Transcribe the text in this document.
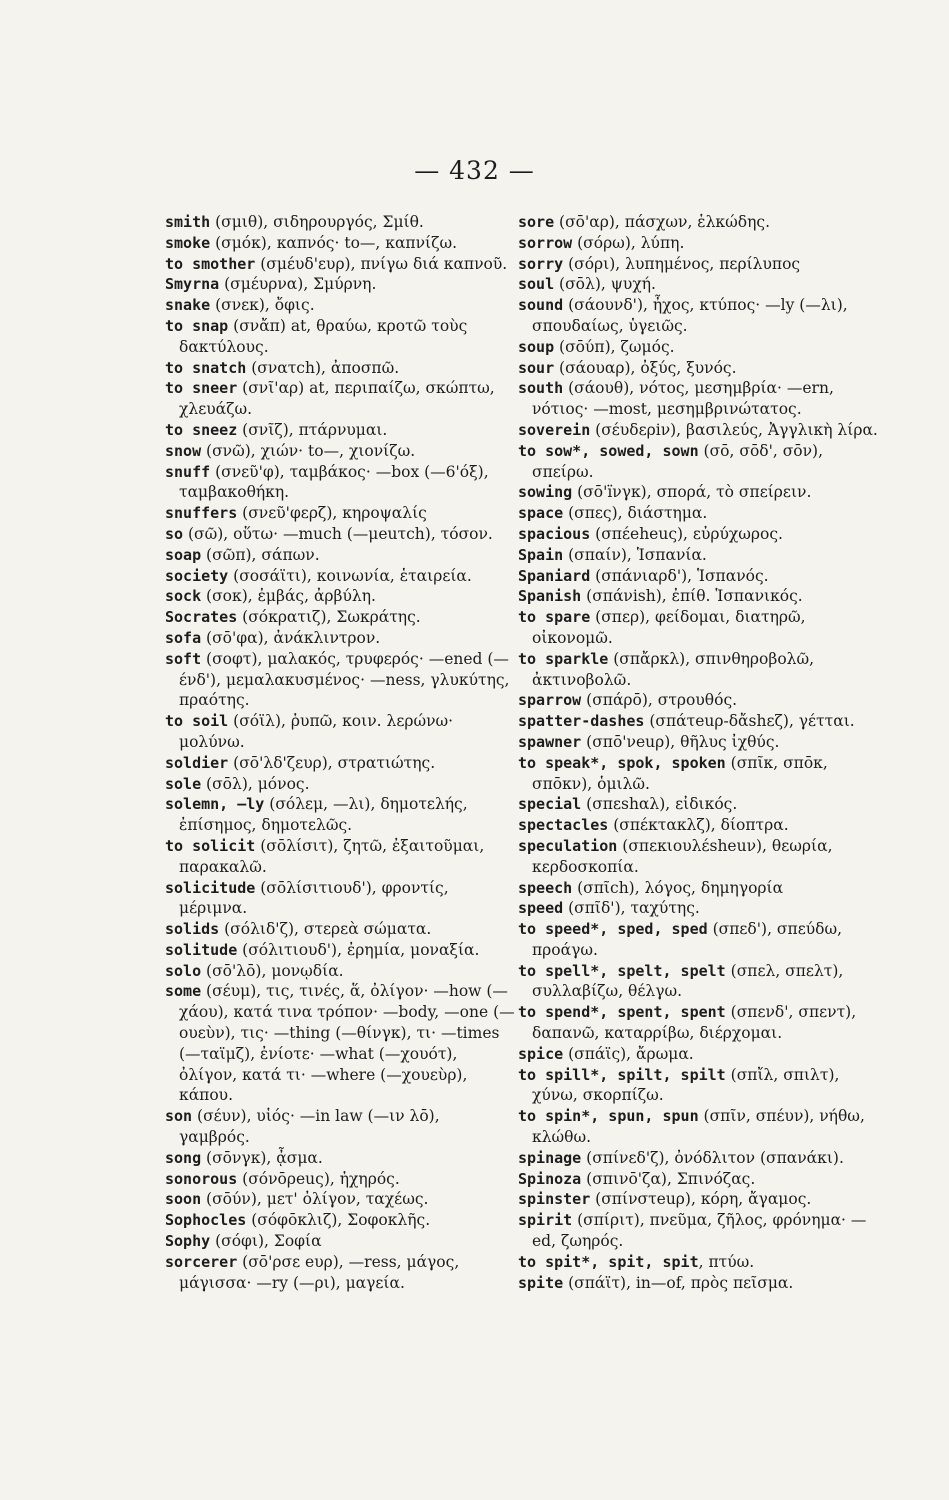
— 432 —

smith (σμιθ), σιδηρουργός, Σμίθ.

smoke (σμόκ), καπνός· to—, καπνίζω.

to smother (σμέυδ'ευρ), πνίγω διά καπνοῦ.

Smyrna (σμέυρνα), Σμύρνη.

snake (σνεκ), ὄφις.

to snap (σνἄπ) at, θραύω, κροτῶ τοὺς δακτύλους.

to snatch (σνατch), ἀποσπῶ.

to sneer (σνῖ'αρ) at, περιπαίζω, σκώπτω, χλευάζω.

to sneez (σνῖζ), πτάρνυμαι.

snow (σνῶ), χιών· to—, χιονίζω.

snuff (σνεῦ'φ), ταμβάκος· —box (—6'όξ), ταμβακοθήκη.

snuffers (σνεῦ'φερζ), κηροψαλίς

so (σῶ), οὕτω· —much (—μeuτch), τόσον.

soap (σῶπ), σάπων.

society (σοσάϊτι), κοινωνία, ἑταιρεία.

sock (σοκ), ἐμβάς, ἀρβύλη.

Socrates (σόκρατιζ), Σωκράτης.

sofa (σō'φα), ἀνάκλιντρον.

soft (σοφτ), μαλακός, τρυφερός· —ened (—ένδ'), μεμαλακυσμένος· —ness, γλυκύτης, πραότης.

to soil (σόϊλ), ῥυπῶ, κοιν. λερώνω· μολύνω.

soldier (σō'λδ'ζευρ), στρατιώτης.

sole (σōλ), μόνος.

solemn, —ly (σόλεμ, —λι), δημοτελής, ἐπίσημος, δημοτελῶς.

to solicit (σōλίσιτ), ζητῶ, ἐξαιτοῦμαι, παρακαλῶ.

solicitude (σōλίσιτιουδ'), φροντίς, μέριμνα.

solids (σόλιδ'ζ), στερεὰ σώματα.

solitude (σόλιτιουδ'), ἐρημία, μοναξία.

solo (σō'λō), μονῳδία.

some (σέυμ), τις, τινές, ἅ, ὀλίγον· —how (—χάου), κατά τινα τρόπον· —body, —one (—ουεὺν), τις· —thing (—θίνγκ), τι· —times (—ταϊμζ), ἐνίοτε· —what (—χουότ), ὀλίγον, κατά τι· —where (—χουεὺρ), κάπου.

son (σέυν), υἱός· —in law (—ιν λō), γαμβρός.

song (σōνγκ), ᾆσμα.

sonorous (σόνōρeuς), ἠχηρός.

soon (σōύν), μετ' ὀλίγον, ταχέως.

Sophocles (σόφōκλιζ), Σοφοκλῆς.

Sophy (σόφι), Σοφία

sorcerer (σō'ρσε eυρ), —ress, μάγος, μάγισσα· —ry (—ρι), μαγεία.

sore (σō'αρ), πάσχων, ἑλκώδης.

sorrow (σόρω), λύπη.

sorry (σόρι), λυπημένος, περίλυπος

soul (σōλ), ψυχή.

sound (σάουνδ'), ἦχος, κτύπος· —ly (—λι), σπουδαίως, ὑγειῶς.

soup (σōύπ), ζωμός.

sour (σάουαρ), ὀξύς, ξυνός.

south (σάουθ), νότος, μεσημβρία· —ern, νότιος· —most, μεσημβρινώτατος.

soverein (σέυδερiν), βασιλεύς, Ἀγγλικὴ λίρα.

to sow*, sowed, sown (σō, σōδ', σōν), σπείρω.

sowing (σō'ïνγκ), σπορά, τὸ σπείρειν.

space (σπες), διάστημα.

spacious (σπέeheuς), εὐρύχωρος.

Spain (σπαίν), Ἱσπανία.

Spaniard (σπάνιαρδ'), Ἱσπανός.

Spanish (σπάνish), ἐπίθ. Ἱσπανικός.

to spare (σπερ), φείδομαι, διατηρῶ, οἰκονομῶ.

to sparkle (σπἄρκλ), σπινθηροβολῶ, ἀκτινοβολῶ.

sparrow (σπάρō), στρουθός.

spatter-dashes (σπάτeuρ-δἄshεζ), γέτται.

spawner (σπō'νeuρ), θῆλυς ἰχθύς.

to speak*, spok, spoken (σπῖκ, σπōκ, σπōκν), ὁμιλῶ.

special (σπεshαλ), εἰδικός.

spectacles (σπέκτακλζ), δίοπτρα.

speculation (σπεκιουλέsheuν), θεωρία, κερδοσκοπία.

speech (σπῖch), λόγος, δημηγορία

speed (σπῖδ'), ταχύτης.

to speed*, sped, sped (σπεδ'), σπεύδω, προάγω.

to spell*, spelt, spelt (σπελ, σπελτ), συλλαβίζω, θέλγω.

to spend*, spent, spent (σπενδ', σπεντ), δαπανῶ, καταρρίβω, διέρχομαι.

spice (σπάϊς), ἄρωμα.

to spill*, spilt, spilt (σπἴλ, σπιλτ), χύνω, σκορπίζω.

to spin*, spun, spun (σπῖν, σπέυν), νήθω, κλώθω.

spinage (σπίνεδ'ζ), ὀνόδλιτον (σπανάκι).

Spinoza (σπινō'ζα), Σπινόζας.

spinster (σπίνστeuρ), κόρη, ἄγαμος.

spirit (σπίριτ), πνεῦμα, ζῆλος, φρόνημα· —ed, ζωηρός.

to spit*, spit, spit, πτύω.

spite (σπάϊτ), in—of, πρὸς πεῖσμα.
